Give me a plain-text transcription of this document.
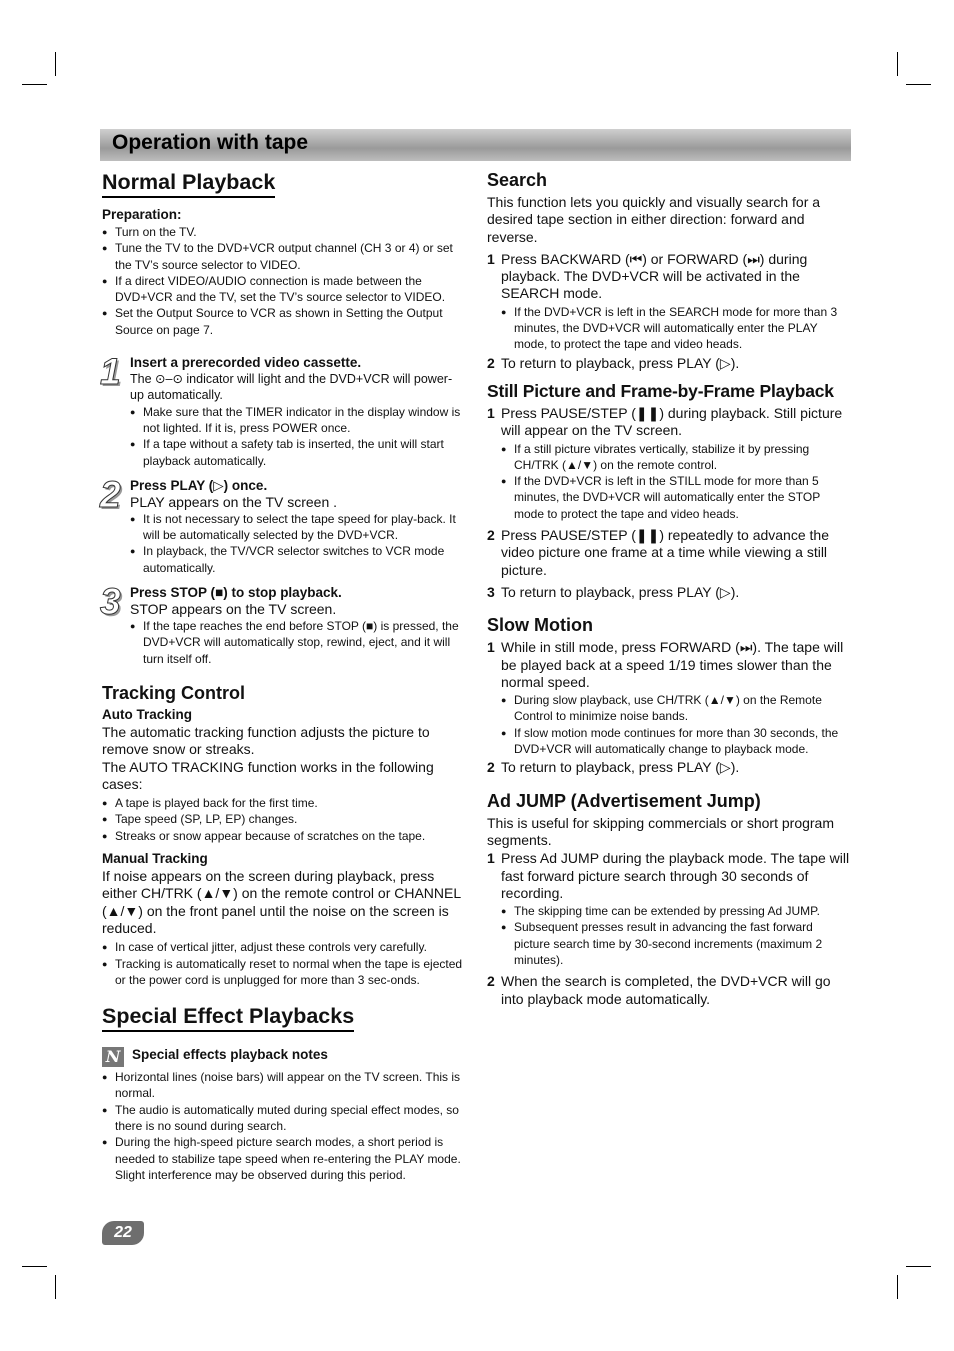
Operation with tape
Normal Playback
Preparation:
● Turn on the TV.
● Tune the TV to the DVD+VCR output channel (CH 3 or 4) or set the TV’s source selector to VIDEO.
● If a direct VIDEO/AUDIO connection is made between the DVD+VCR and the TV, set the TV’s source selector to VIDEO.
● Set the Output Source to VCR as shown in Setting the Output Source on page 7.
1 Insert a prerecorded video cassette.
The ⊙‒⊙ indicator will light and the DVD+VCR will power-up automatically.
● Make sure that the TIMER indicator in the display window is not lighted. If it is, press POWER once.
● If a tape without a safety tab is inserted, the unit will start playback automatically.
2 Press PLAY (▷) once.
PLAY appears on the TV screen .
● It is not necessary to select the tape speed for play-back. It will be automatically selected by the DVD+VCR.
● In playback, the TV/VCR selector switches to VCR mode automatically.
3 Press STOP (■) to stop playback.
STOP appears on the TV screen.
● If the tape reaches the end before STOP (■) is pressed, the DVD+VCR will automatically stop, rewind, eject, and it will turn itself off.
Tracking Control
Auto Tracking

The automatic tracking function adjusts the picture to remove snow or streaks.

The AUTO TRACKING function works in the following cases:

● A tape is played back for the first time.
● Tape speed (SP, LP, EP) changes.
● Streaks or snow appear because of scratches on the tape.
Manual Tracking

If noise appears on the screen during playback, press either CH/TRK (▲/▼) on the remote control or CHANNEL (▲/▼) on the front panel until the noise on the screen is reduced.

● In case of vertical jitter, adjust these controls very carefully.
● Tracking is automatically reset to normal when the tape is ejected or the power cord is unplugged for more than 3 sec-onds.
Special Effect Playbacks
N Special effects playback notes
● Horizontal lines (noise bars) will appear on the TV screen. This is normal.
● The audio is automatically muted during special effect modes, so there is no sound during search.
● During the high-speed picture search modes, a short period is needed to stabilize tape speed when re-entering the PLAY mode. Slight interference may be observed during this period.
Search

This function lets you quickly and visually search for a desired tape section in either direction: forward and reverse.

1 Press BACKWARD (⏮) or FORWARD (⏭) during playback. The DVD+VCR will be activated in the SEARCH mode.
● If the DVD+VCR is left in the SEARCH mode for more than 3 minutes, the DVD+VCR will automatically enter the PLAY mode, to protect the tape and video heads.
2 To return to playback, press PLAY (▷).
Still Picture and Frame-by-Frame Playback
1 Press PAUSE/STEP (❚❚) during playback. Still picture will appear on the TV screen.
● If a still picture vibrates vertically, stabilize it by pressing CH/TRK (▲/▼) on the remote control.
● If the DVD+VCR is left in the STILL mode for more than 5 minutes, the DVD+VCR will automatically enter the STOP mode to protect the tape and video heads.
2 Press PAUSE/STEP (❚❚) repeatedly to advance the video picture one frame at a time while viewing a still picture.
3 To return to playback, press PLAY (▷).
Slow Motion
1 While in still mode, press FORWARD (⏭). The tape will be played back at a speed 1/19 times slower than the normal speed.
● During slow playback, use CH/TRK (▲/▼) on the Remote Control to minimize noise bands.
● If slow motion mode continues for more than 30 seconds, the DVD+VCR will automatically change to playback mode.
2 To return to playback, press PLAY (▷).
Ad JUMP (Advertisement Jump)

This is useful for skipping commercials or short program segments.

1 Press Ad JUMP during the playback mode. The tape will fast forward picture search through 30 seconds of recording.
● The skipping time can be extended by pressing Ad JUMP.
● Subsequent presses result in advancing the fast forward picture search time by 30-second increments (maximum 2 minutes).
2 When the search is completed, the DVD+VCR will go into playback mode automatically.
22
